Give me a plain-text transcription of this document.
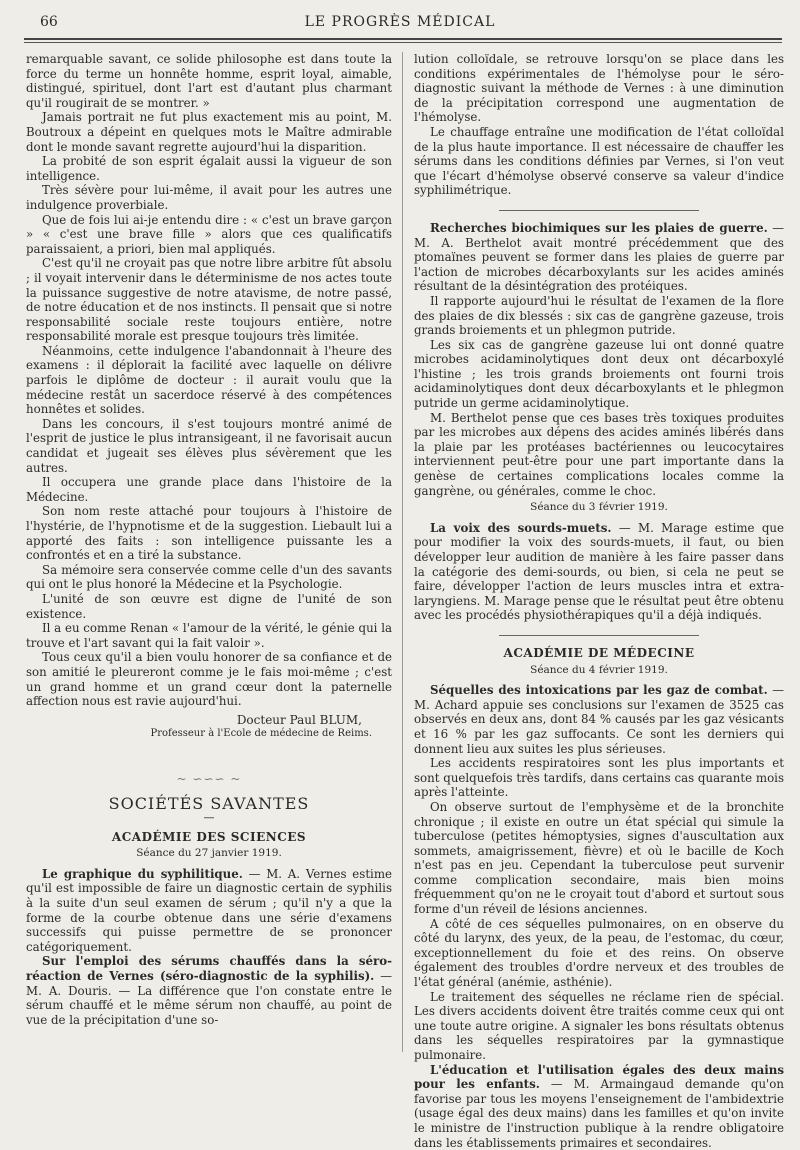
66	LE PROGRÈS MÉDICAL

remarquable savant, ce solide philosophe est dans toute la force du terme un honnête homme, esprit loyal, aimable, distingué, spirituel, dont l'art est d'autant plus charmant qu'il rougirait de se montrer. »

Jamais portrait ne fut plus exactement mis au point, M. Boutroux a dépeint en quelques mots le Maître admirable dont le monde savant regrette aujourd'hui la disparition.

La probité de son esprit égalait aussi la vigueur de son intelligence.

Très sévère pour lui-même, il avait pour les autres une indulgence proverbiale.

Que de fois lui ai-je entendu dire : « c'est un brave garçon » « c'est une brave fille » alors que ces qualificatifs paraissaient, a priori, bien mal appliqués.

C'est qu'il ne croyait pas que notre libre arbitre fût absolu ; il voyait intervenir dans le déterminisme de nos actes toute la puissance suggestive de notre atavisme, de notre passé, de notre éducation et de nos instincts. Il pensait que si notre responsabilité sociale reste toujours entière, notre responsabilité morale est presque toujours très limitée.

Néanmoins, cette indulgence l'abandonnait à l'heure des examens : il déplorait la facilité avec laquelle on délivre parfois le diplôme de docteur : il aurait voulu que la médecine restât un sacerdoce réservé à des compétences honnêtes et solides.

Dans les concours, il s'est toujours montré animé de l'esprit de justice le plus intransigeant, il ne favorisait aucun candidat et jugeait ses élèves plus sévèrement que les autres.

Il occupera une grande place dans l'histoire de la Médecine.

Son nom reste attaché pour toujours à l'histoire de l'hystérie, de l'hypnotisme et de la suggestion. Liebault lui a apporté des faits : son intelligence puissante les a confrontés et en a tiré la substance.

Sa mémoire sera conservée comme celle d'un des savants qui ont le plus honoré la Médecine et la Psychologie.

L'unité de son œuvre est digne de l'unité de son existence.

Il a eu comme Renan « l'amour de la vérité, le génie qui la trouve et l'art savant qui la fait valoir ».

Tous ceux qu'il a bien voulu honorer de sa confiance et de son amitié le pleureront comme je le fais moi-même ; c'est un grand homme et un grand cœur dont la paternelle affection nous est ravie aujourd'hui.

Docteur Paul BLUM,
Professeur à l'Ecole de médecine de Reims.
~ ∽∽∽ ~
SOCIÉTÉS SAVANTES
—
ACADÉMIE DES SCIENCES
Séance du 27 janvier 1919.

Le graphique du syphilitique. — M. A. Vernes estime qu'il est impossible de faire un diagnostic certain de syphilis à la suite d'un seul examen de sérum ; qu'il n'y a que la forme de la courbe obtenue dans une série d'examens successifs qui puisse permettre de se prononcer catégoriquement.

Sur l'emploi des sérums chauffés dans la séro-réaction de Vernes (séro-diagnostic de la syphilis). — M. A. Douris. — La différence que l'on constate entre le sérum chauffé et le même sérum non chauffé, au point de vue de la précipitation d'une so-

lution colloïdale, se retrouve lorsqu'on se place dans les conditions expérimentales de l'hémolyse pour le séro-diagnostic suivant la méthode de Vernes : à une diminution de la précipitation correspond une augmentation de l'hémolyse.

Le chauffage entraîne une modification de l'état colloïdal de la plus haute importance. Il est nécessaire de chauffer les sérums dans les conditions définies par Vernes, si l'on veut que l'écart d'hémolyse observé conserve sa valeur d'indice syphilimétrique.

Recherches biochimiques sur les plaies de guerre. — M. A. Berthelot avait montré précédemment que des ptomaïnes peuvent se former dans les plaies de guerre par l'action de microbes décarboxylants sur les acides aminés résultant de la désintégration des protéiques.

Il rapporte aujourd'hui le résultat de l'examen de la flore des plaies de dix blessés : six cas de gangrène gazeuse, trois grands broiements et un phlegmon putride.

Les six cas de gangrène gazeuse lui ont donné quatre microbes acidaminolytiques dont deux ont décarboxylé l'histine ; les trois grands broiements ont fourni trois acidaminolytiques dont deux décarboxylants et le phlegmon putride un germe acidaminolytique.

M. Berthelot pense que ces bases très toxiques produites par les microbes aux dépens des acides aminés libérés dans la plaie par les protéases bactériennes ou leucocytaires interviennent peut-être pour une part importante dans la genèse de certaines complications locales comme la gangrène, ou générales, comme le choc.

Séance du 3 février 1919.

La voix des sourds-muets. — M. Marage estime que pour modifier la voix des sourds-muets, il faut, ou bien développer leur audition de manière à les faire passer dans la catégorie des demi-sourds, ou bien, si cela ne peut se faire, développer l'action de leurs muscles intra et extra-laryngiens. M. Marage pense que le résultat peut être obtenu avec les procédés physiothérapiques qu'il a déjà indiqués.

ACADÉMIE DE MÉDECINE
Séance du 4 février 1919.

Séquelles des intoxications par les gaz de combat. — M. Achard appuie ses conclusions sur l'examen de 3525 cas observés en deux ans, dont 84 % causés par les gaz vésicants et 16 % par les gaz suffocants. Ce sont les derniers qui donnent lieu aux suites les plus sérieuses.

Les accidents respiratoires sont les plus importants et sont quelquefois très tardifs, dans certains cas quarante mois après l'atteinte.

On observe surtout de l'emphysème et de la bronchite chronique ; il existe en outre un état spécial qui simule la tuberculose (petites hémoptysies, signes d'auscultation aux sommets, amaigrissement, fièvre) et où le bacille de Koch n'est pas en jeu. Cependant la tuberculose peut survenir comme complication secondaire, mais bien moins fréquemment qu'on ne le croyait tout d'abord et surtout sous forme d'un réveil de lésions anciennes.

A côté de ces séquelles pulmonaires, on en observe du côté du larynx, des yeux, de la peau, de l'estomac, du cœur, exceptionnellement du foie et des reins. On observe également des troubles d'ordre nerveux et des troubles de l'état général (anémie, asthénie).

Le traitement des séquelles ne réclame rien de spécial. Les divers accidents doivent être traités comme ceux qui ont une toute autre origine. A signaler les bons résultats obtenus dans les séquelles respiratoires par la gymnastique pulmonaire.

L'éducation et l'utilisation égales des deux mains pour les enfants. — M. Armaingaud demande qu'on favorise par tous les moyens l'enseignement de l'ambidextrie (usage égal des deux mains) dans les familles et qu'on invite le ministre de l'instruction publique à la rendre obligatoire dans les établissements primaires et secondaires.
